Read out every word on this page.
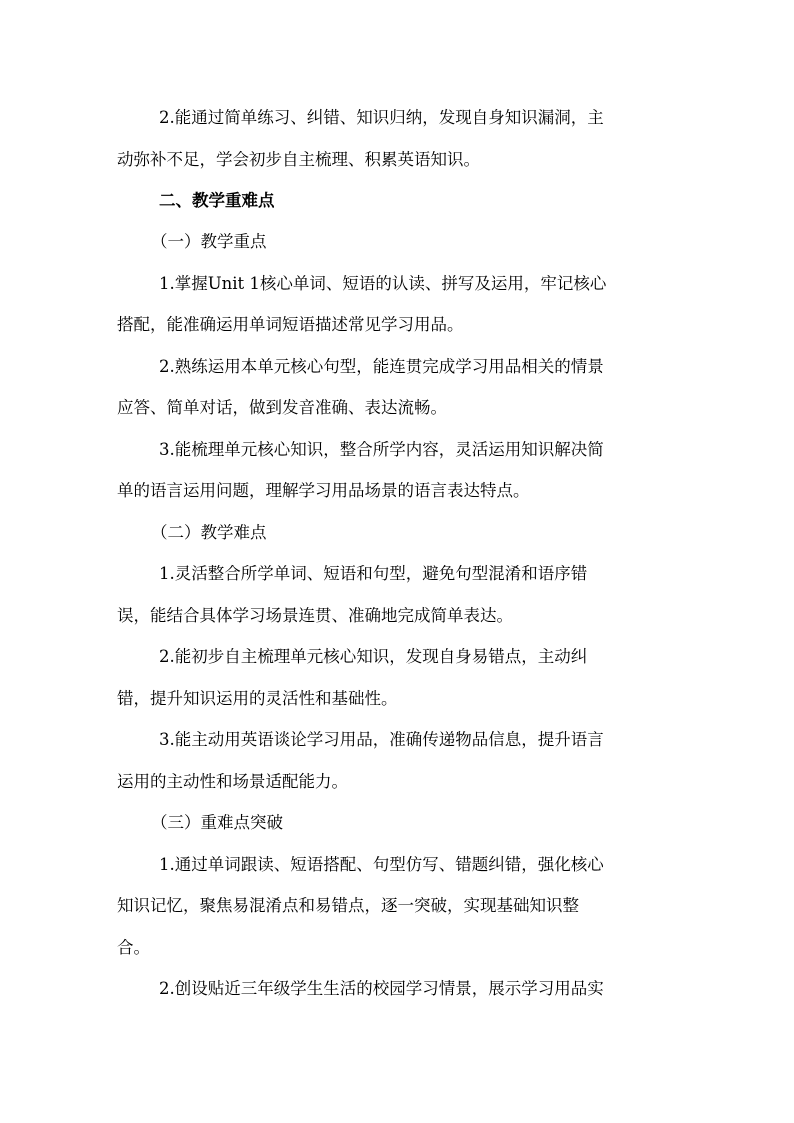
2.能通过简单练习、纠错、知识归纳，发现自身知识漏洞，主
动弥补不足，学会初步自主梳理、积累英语知识。
二、教学重难点
（一）教学重点
1.掌握Unit 1核心单词、短语的认读、拼写及运用，牢记核心
搭配，能准确运用单词短语描述常见学习用品。
2.熟练运用本单元核心句型，能连贯完成学习用品相关的情景
应答、简单对话，做到发音准确、表达流畅。
3.能梳理单元核心知识，整合所学内容，灵活运用知识解决简
单的语言运用问题，理解学习用品场景的语言表达特点。
（二）教学难点
1.灵活整合所学单词、短语和句型，避免句型混淆和语序错
误，能结合具体学习场景连贯、准确地完成简单表达。
2.能初步自主梳理单元核心知识，发现自身易错点，主动纠
错，提升知识运用的灵活性和基础性。
3.能主动用英语谈论学习用品，准确传递物品信息，提升语言
运用的主动性和场景适配能力。
（三）重难点突破
1.通过单词跟读、短语搭配、句型仿写、错题纠错，强化核心
知识记忆，聚焦易混淆点和易错点，逐一突破，实现基础知识整
合。
2.创设贴近三年级学生生活的校园学习情景，展示学习用品实
